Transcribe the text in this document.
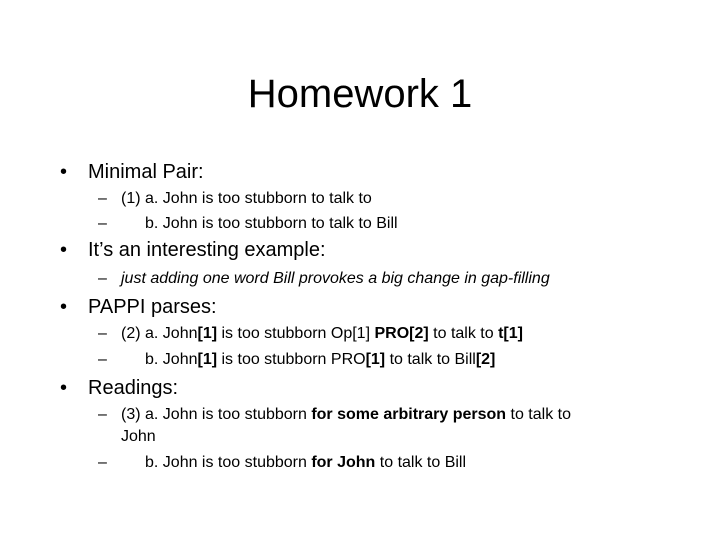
Homework 1
• Minimal Pair:
– (1) a. John is too stubborn to talk to
– b. John is too stubborn to talk to Bill
• It’s an interesting example:
– just adding one word Bill provokes a big change in gap-filling
• PAPPI parses:
– (2) a. John[1] is too stubborn Op[1] PRO[2] to talk to t[1]
– b. John[1] is too stubborn PRO[1] to talk to Bill[2]
• Readings:
– (3) a. John is too stubborn for some arbitrary person to talk to
John
– b. John is too stubborn for John to talk to Bill
